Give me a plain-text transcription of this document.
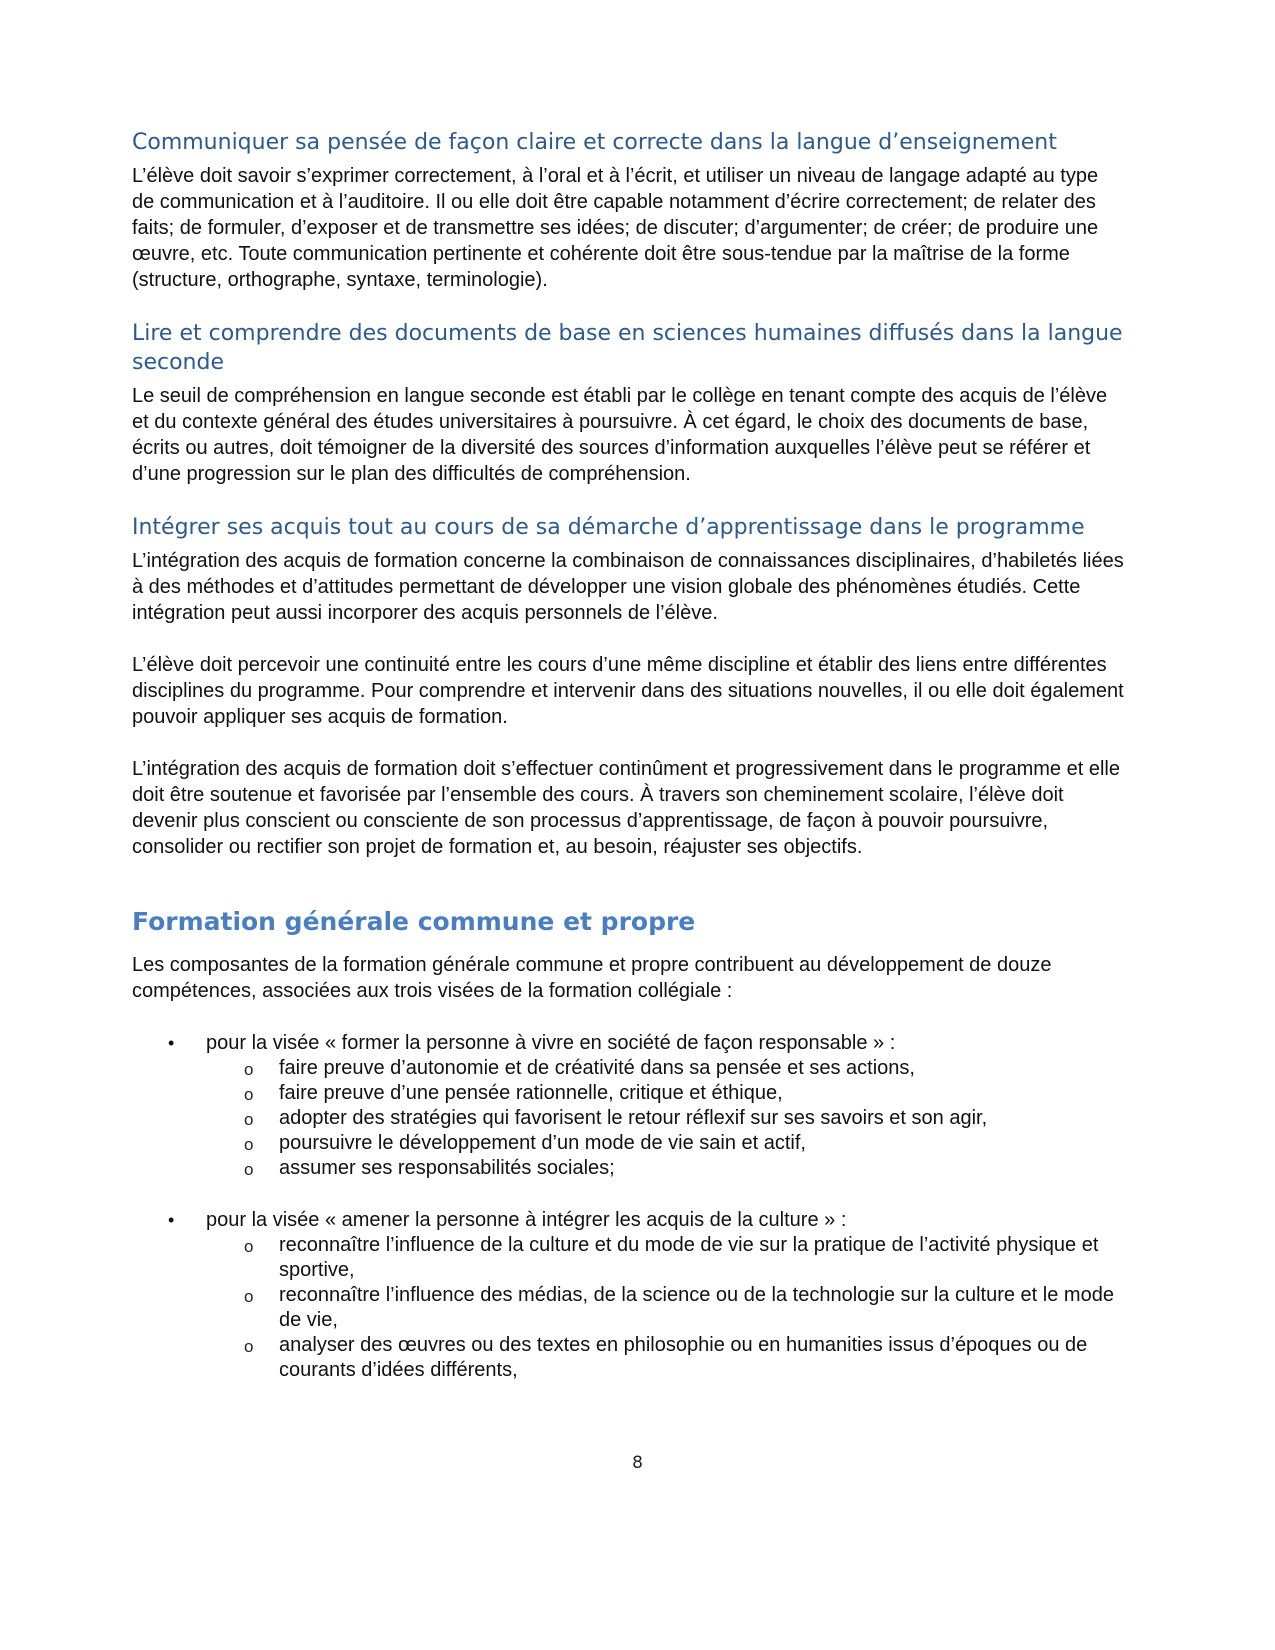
Communiquer sa pensée de façon claire et correcte dans la langue d’enseignement

L’élève doit savoir s’exprimer correctement, à l’oral et à l’écrit, et utiliser un niveau de langage adapté au type de communication et à l’auditoire. Il ou elle doit être capable notamment d’écrire correctement; de relater des faits; de formuler, d’exposer et de transmettre ses idées; de discuter; d’argumenter; de créer; de produire une œuvre, etc. Toute communication pertinente et cohérente doit être sous-tendue par la maîtrise de la forme (structure, orthographe, syntaxe, terminologie).

Lire et comprendre des documents de base en sciences humaines diffusés dans la langue seconde

Le seuil de compréhension en langue seconde est établi par le collège en tenant compte des acquis de l’élève et du contexte général des études universitaires à poursuivre. À cet égard, le choix des documents de base, écrits ou autres, doit témoigner de la diversité des sources d’information auxquelles l’élève peut se référer et d’une progression sur le plan des difficultés de compréhension.

Intégrer ses acquis tout au cours de sa démarche d’apprentissage dans le programme

L’intégration des acquis de formation concerne la combinaison de connaissances disciplinaires, d’habiletés liées à des méthodes et d’attitudes permettant de développer une vision globale des phénomènes étudiés. Cette intégration peut aussi incorporer des acquis personnels de l’élève.

L’élève doit percevoir une continuité entre les cours d’une même discipline et établir des liens entre différentes disciplines du programme. Pour comprendre et intervenir dans des situations nouvelles, il ou elle doit également pouvoir appliquer ses acquis de formation.

L’intégration des acquis de formation doit s’effectuer continûment et progressivement dans le programme et elle doit être soutenue et favorisée par l’ensemble des cours. À travers son cheminement scolaire, l’élève doit devenir plus conscient ou consciente de son processus d’apprentissage, de façon à pouvoir poursuivre, consolider ou rectifier son projet de formation et, au besoin, réajuster ses objectifs.

Formation générale commune et propre

Les composantes de la formation générale commune et propre contribuent au développement de douze compétences, associées aux trois visées de la formation collégiale :

• pour la visée « former la personne à vivre en société de façon responsable » :
o faire preuve d’autonomie et de créativité dans sa pensée et ses actions,
o faire preuve d’une pensée rationnelle, critique et éthique,
o adopter des stratégies qui favorisent le retour réflexif sur ses savoirs et son agir,
o poursuivre le développement d’un mode de vie sain et actif,
o assumer ses responsabilités sociales;
• pour la visée « amener la personne à intégrer les acquis de la culture » :
o reconnaître l’influence de la culture et du mode de vie sur la pratique de l’activité physique et sportive,
o reconnaître l’influence des médias, de la science ou de la technologie sur la culture et le mode de vie,
o analyser des œuvres ou des textes en philosophie ou en humanities issus d’époques ou de courants d’idées différents,
8
